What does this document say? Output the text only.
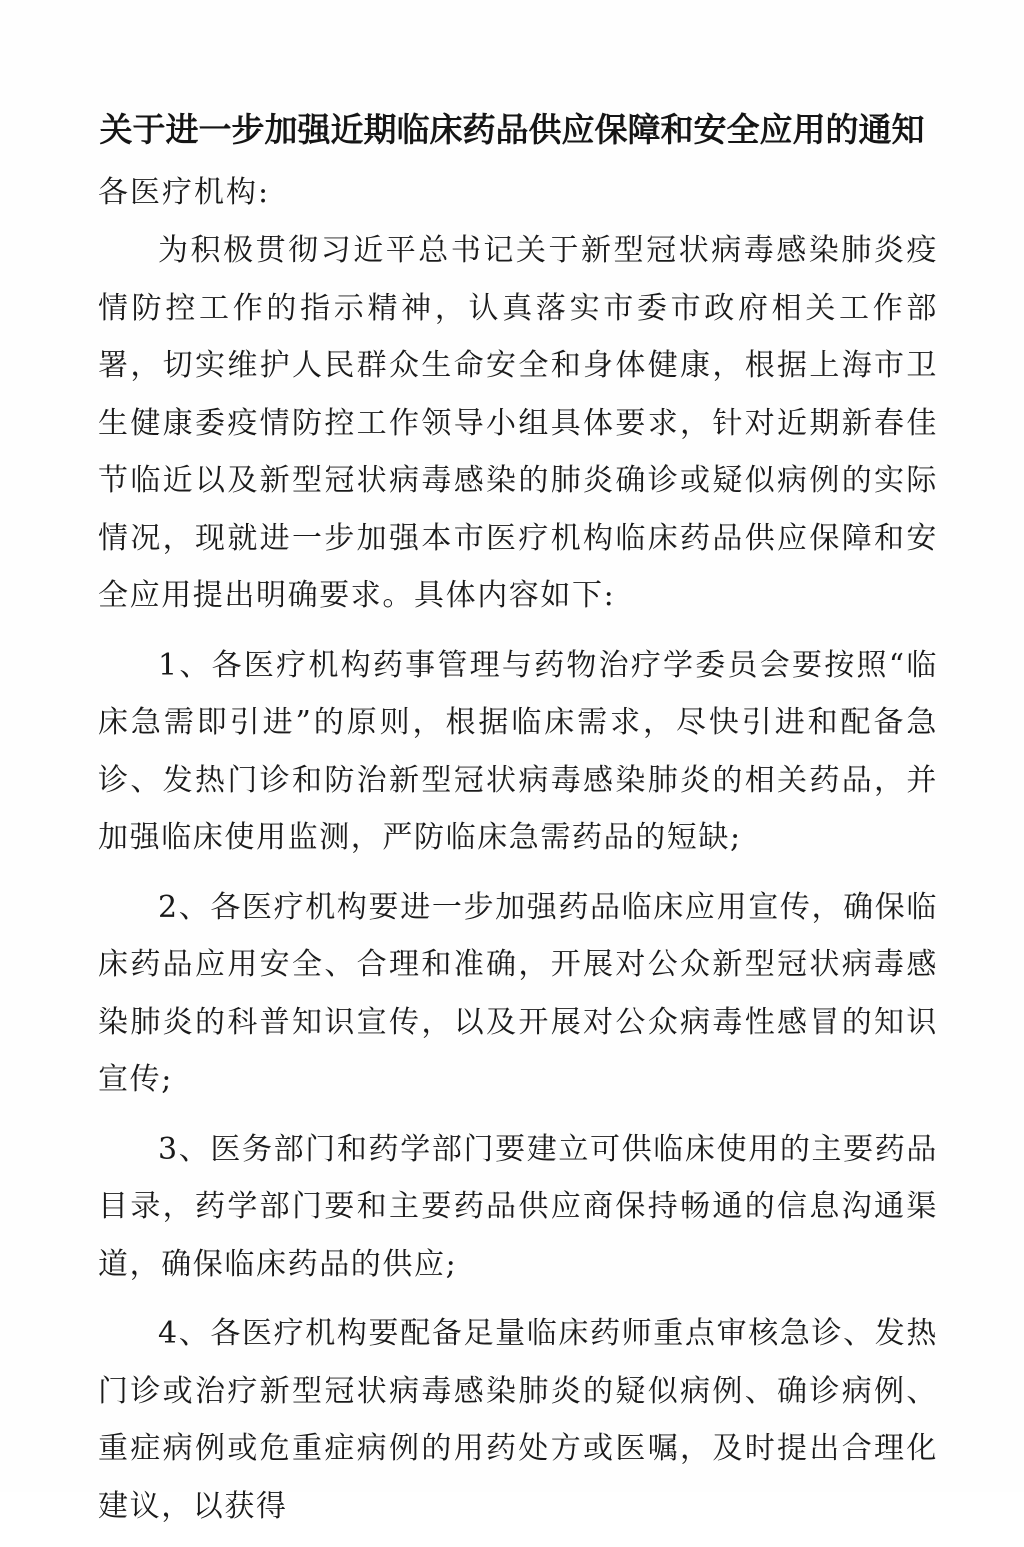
关于进一步加强近期临床药品供应保障和安全应用的通知
各医疗机构:

为积极贯彻习近平总书记关于新型冠状病毒感染肺炎疫情防控工作的指示精神，认真落实市委市政府相关工作部署，切实维护人民群众生命安全和身体健康，根据上海市卫生健康委疫情防控工作领导小组具体要求，针对近期新春佳节临近以及新型冠状病毒感染的肺炎确诊或疑似病例的实际情况，现就进一步加强本市医疗机构临床药品供应保障和安全应用提出明确要求。具体内容如下:

1、各医疗机构药事管理与药物治疗学委员会要按照“临床急需即引进”的原则，根据临床需求，尽快引进和配备急诊、发热门诊和防治新型冠状病毒感染肺炎的相关药品，并加强临床使用监测，严防临床急需药品的短缺;

2、各医疗机构要进一步加强药品临床应用宣传，确保临床药品应用安全、合理和准确，开展对公众新型冠状病毒感染肺炎的科普知识宣传，以及开展对公众病毒性感冒的知识宣传;

3、医务部门和药学部门要建立可供临床使用的主要药品目录，药学部门要和主要药品供应商保持畅通的信息沟通渠道，确保临床药品的供应;

4、各医疗机构要配备足量临床药师重点审核急诊、发热门诊或治疗新型冠状病毒感染肺炎的疑似病例、确诊病例、重症病例或危重症病例的用药处方或医嘱，及时提出合理化建议，以获得
